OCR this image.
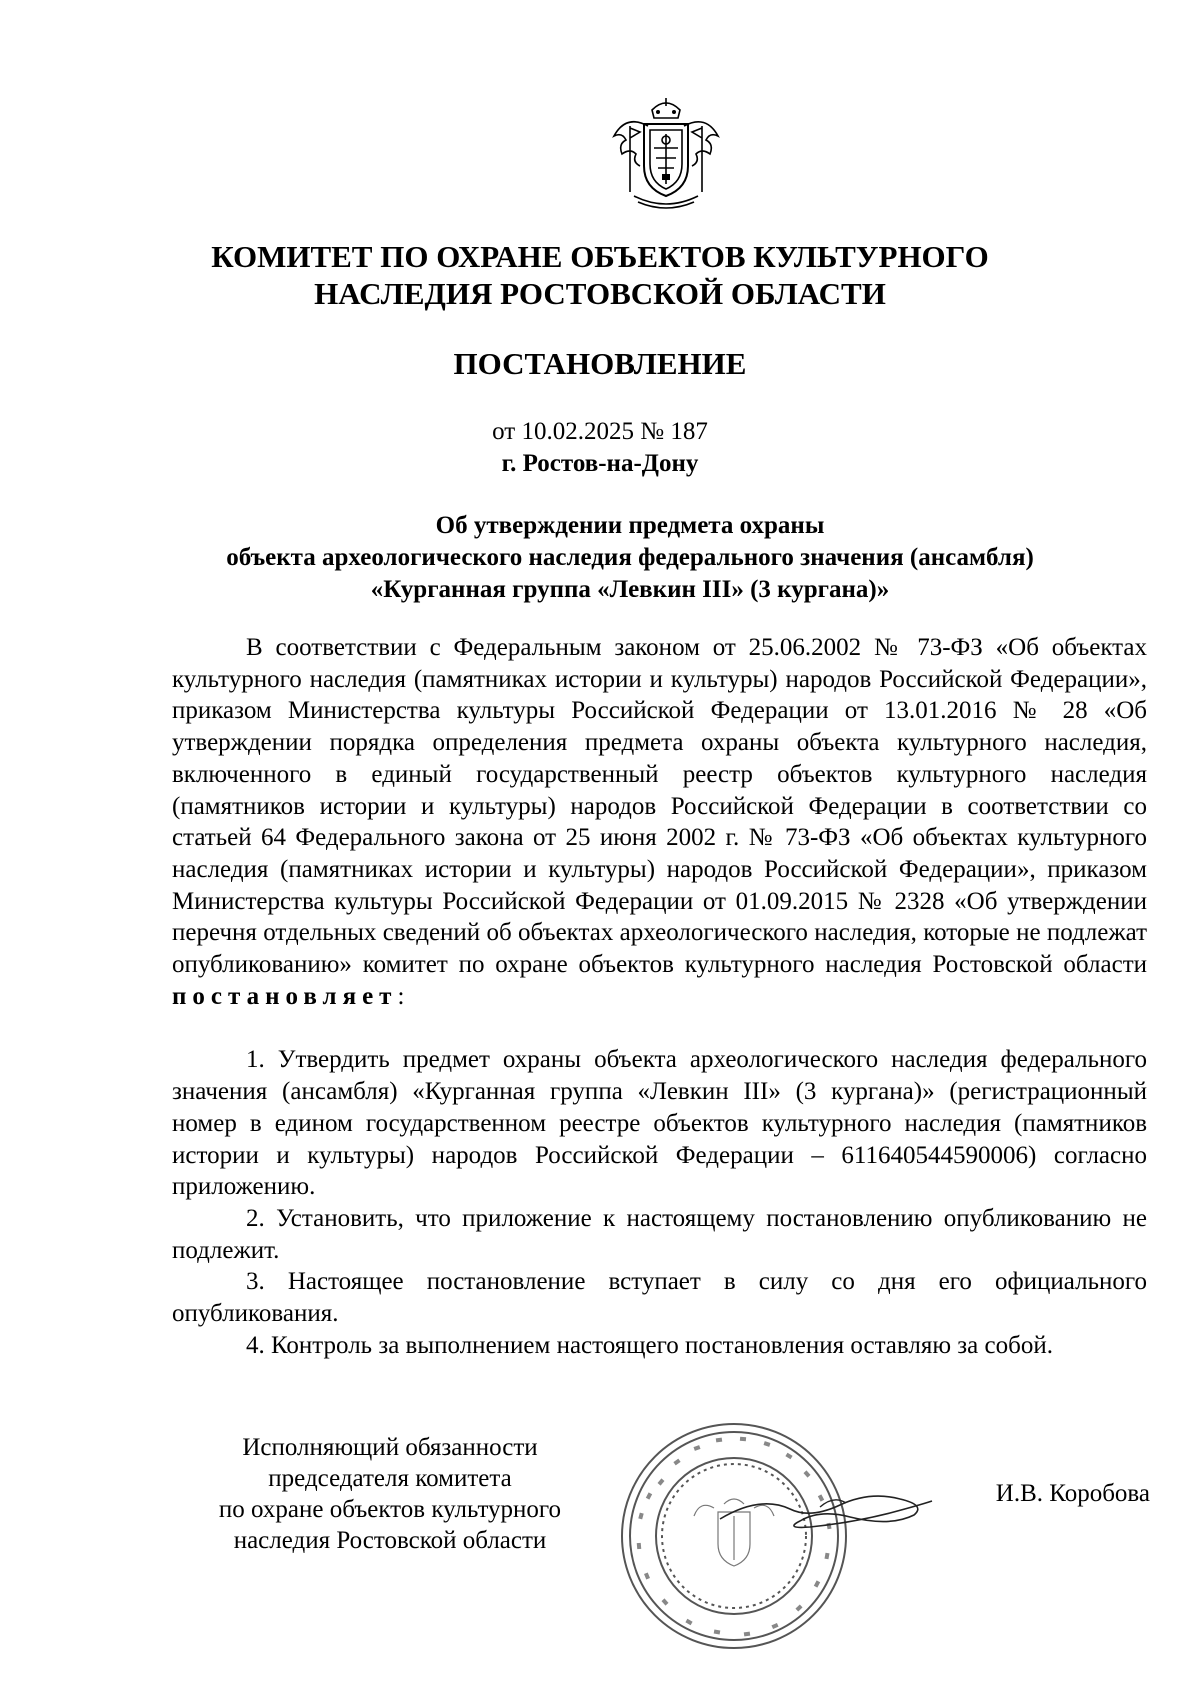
КОМИТЕТ ПО ОХРАНЕ ОБЪЕКТОВ КУЛЬТУРНОГО
НАСЛЕДИЯ РОСТОВСКОЙ ОБЛАСТИ
ПОСТАНОВЛЕНИЕ
от 10.02.2025 № 187
г. Ростов-на-Дону
Об утверждении предмета охраны
объекта археологического наследия федерального значения (ансамбля)
«Курганная группа «Левкин III» (3 кургана)»

В соответствии с Федеральным законом от 25.06.2002 № 73-ФЗ «Об объектах культурного наследия (памятниках истории и культуры) народов Российской Федерации», приказом Министерства культуры Российской Федерации от 13.01.2016 № 28 «Об утверждении порядка определения предмета охраны объекта культурного наследия, включенного в единый государственный реестр объектов культурного наследия (памятников истории и культуры) народов Российской Федерации в соответствии со статьей 64 Федерального закона от 25 июня 2002 г. № 73-ФЗ «Об объектах культурного наследия (памятниках истории и культуры) народов Российской Федерации», приказом Министерства культуры Российской Федерации от 01.09.2015 № 2328 «Об утверждении перечня отдельных сведений об объектах археологического наследия, которые не подлежат опубликованию» комитет по охране объектов культурного наследия Ростовской области постановляет:

1. Утвердить предмет охраны объекта археологического наследия федерального значения (ансамбля) «Курганная группа «Левкин III» (3 кургана)» (регистрационный номер в едином государственном реестре объектов культурного наследия (памятников истории и культуры) народов Российской Федерации – 611640544590006) согласно приложению.

2. Установить, что приложение к настоящему постановлению опубликованию не подлежит.

3. Настоящее постановление вступает в силу со дня его официального опубликования.

4. Контроль за выполнением настоящего постановления оставляю за собой.

Исполняющий обязанности
председателя комитета
по охране объектов культурного
наследия Ростовской области
И.В. Коробова
